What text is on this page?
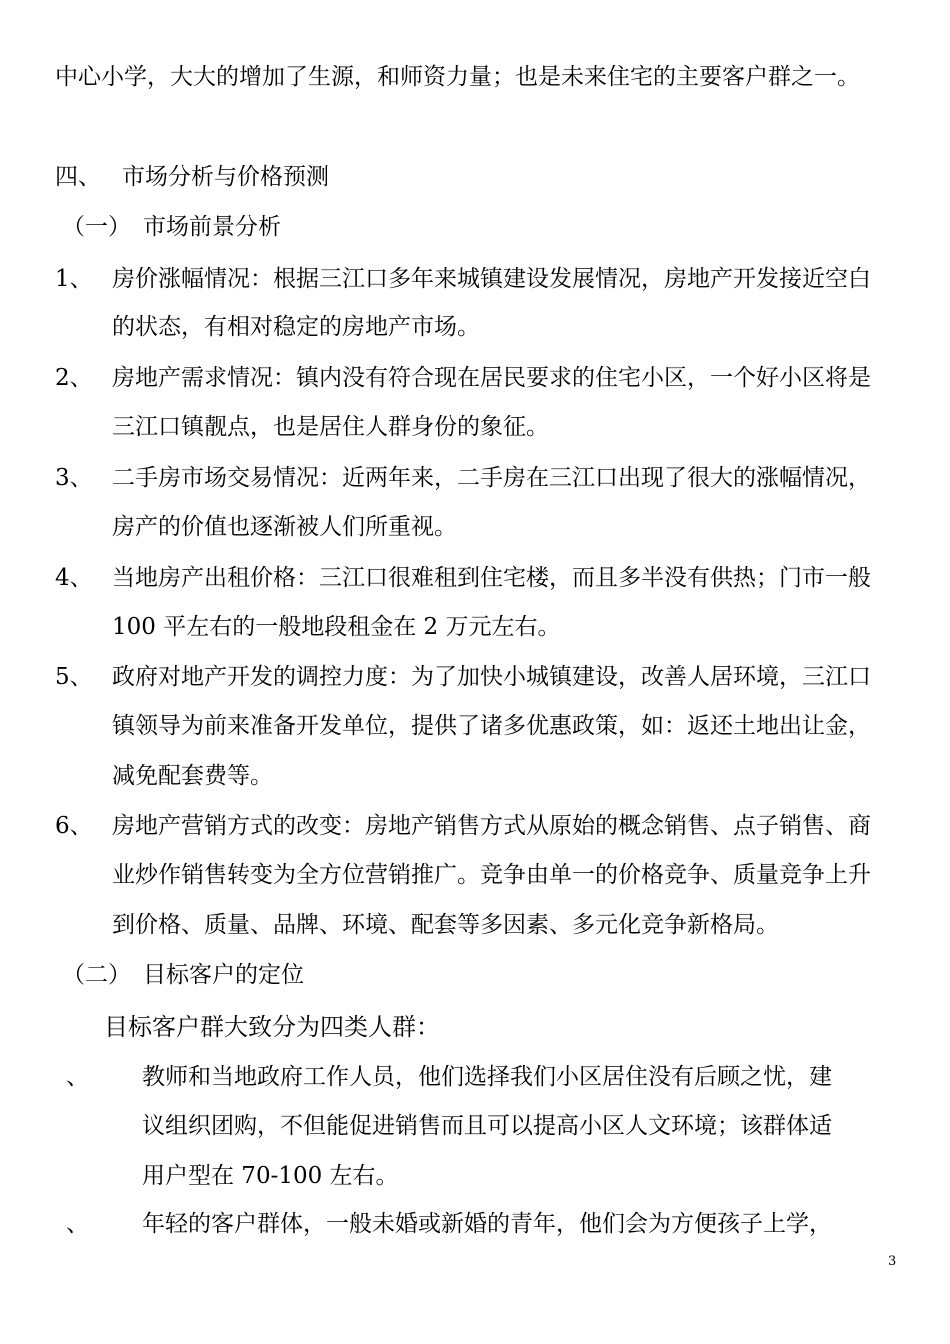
中心小学，大大的增加了生源，和师资力量；也是未来住宅的主要客户群之一。
四、 市场分析与价格预测
（一） 市场前景分析
1、 房价涨幅情况：根据三江口多年来城镇建设发展情况，房地产开发接近空白
的状态，有相对稳定的房地产市场。
2、 房地产需求情况：镇内没有符合现在居民要求的住宅小区，一个好小区将是
三江口镇靓点，也是居住人群身份的象征。
3、 二手房市场交易情况：近两年来，二手房在三江口出现了很大的涨幅情况，
房产的价值也逐渐被人们所重视。
4、 当地房产出租价格：三江口很难租到住宅楼，而且多半没有供热；门市一般
100 平左右的一般地段租金在 2 万元左右。
5、 政府对地产开发的调控力度：为了加快小城镇建设，改善人居环境，三江口
镇领导为前来准备开发单位，提供了诸多优惠政策，如：返还土地出让金，
减免配套费等。
6、 房地产营销方式的改变：房地产销售方式从原始的概念销售、点子销售、商
业炒作销售转变为全方位营销推广。竞争由单一的价格竞争、质量竞争上升
到价格、质量、品牌、环境、配套等多因素、多元化竞争新格局。
（二） 目标客户的定位
目标客户群大致分为四类人群：
、 教师和当地政府工作人员，他们选择我们小区居住没有后顾之忧，建
议组织团购，不但能促进销售而且可以提高小区人文环境；该群体适
用户型在 70-100 左右。
、 年轻的客户群体，一般未婚或新婚的青年，他们会为方便孩子上学，
3
